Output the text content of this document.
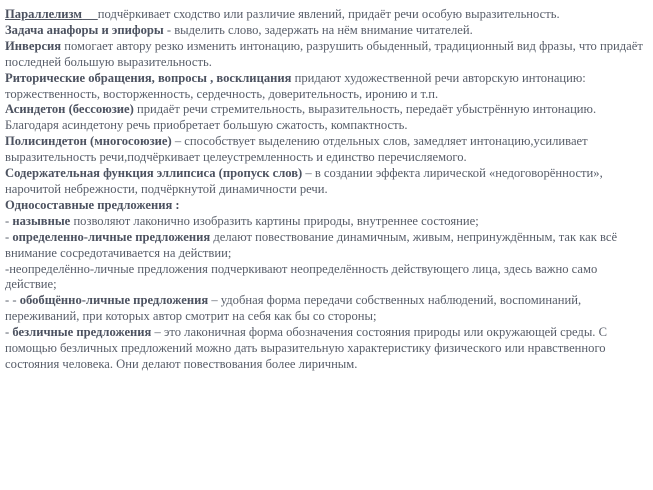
Параллелизм подчёркивает сходство или различие явлений, придаёт речи особую выразительность.

Задача анафоры и эпифоры - выделить слово, задержать на нём внимание читателей.

Инверсия помогает автору резко изменить интонацию, разрушить обыденный, традиционный вид фразы, что придаёт последней большую выразительность.

Риторические обращения, вопросы , восклицания придают художественной речи авторскую интонацию: торжественность, восторженность, сердечность, доверительность, иронию и т.п.

Асиндетон (бессоюзие) придаёт речи стремительность, выразительность, передаёт убыстрённую интонацию. Благодаря асиндетону речь приобретает большую сжатость, компактность.

Полисиндетон (многосоюзие) – способствует выделению отдельных слов, замедляет интонацию,усиливает выразительность речи,подчёркивает целеустремленность и единство перечисляемого.

Содержательная функция эллипсиса (пропуск слов) – в создании эффекта лирической «недоговорённости», нарочитой небрежности, подчёркнутой динамичности речи.

Односоставные предложения :

- назывные позволяют лаконично изобразить картины природы, внутреннее состояние;

- определенно-личные предложения делают повествование динамичным, живым, непринуждённым, так как всё внимание сосредотачивается на действии;

-неопределённо-личные предложения подчеркивают неопределённость действующего лица, здесь важно само действие;

- - обобщённо-личные предложения – удобная форма передачи собственных наблюдений, воспоминаний, переживаний, при которых автор смотрит на себя как бы со стороны;

- безличные предложения – это лаконичная форма обозначения состояния природы или окружающей среды. С помощью безличных предложений можно дать выразительную характеристику физического или нравственного состояния человека. Они делают повествования более лиричным.
